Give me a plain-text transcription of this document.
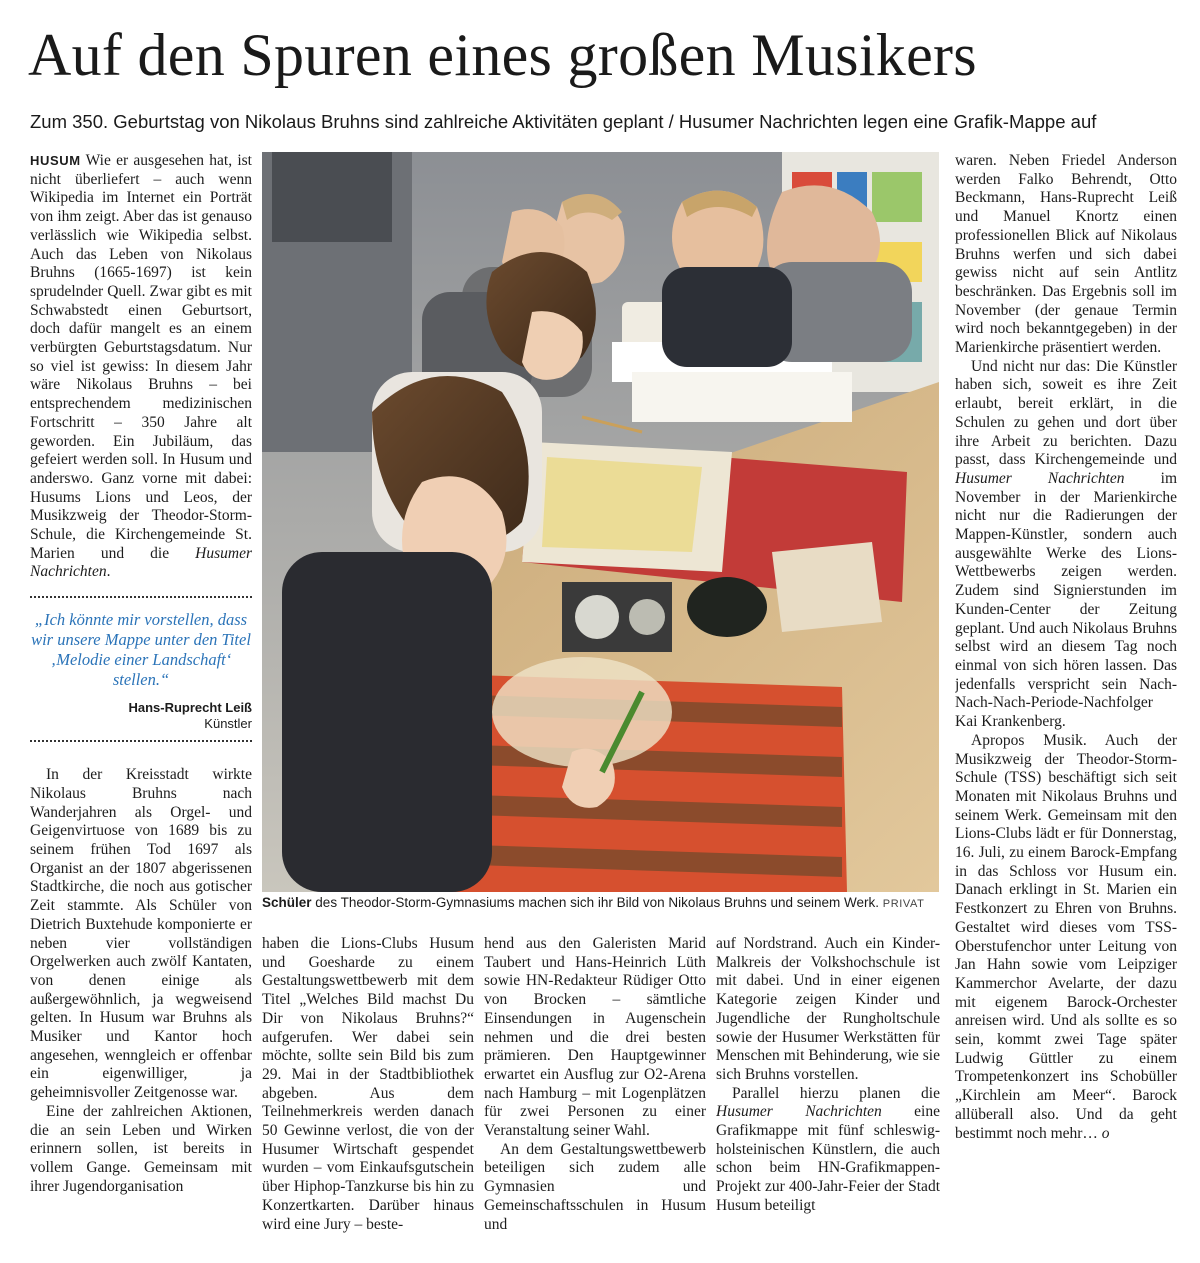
Auf den Spuren eines großen Musikers
Zum 350. Geburtstag von Nikolaus Bruhns sind zahlreiche Aktivitäten geplant / Husumer Nachrichten legen eine Grafik-Mappe auf

HUSUM Wie er ausgesehen hat, ist nicht überliefert – auch wenn Wikipedia im Internet ein Porträt von ihm zeigt. Aber das ist genauso verlässlich wie Wikipedia selbst. Auch das Leben von Nikolaus Bruhns (1665-1697) ist kein sprudelnder Quell. Zwar gibt es mit Schwabstedt einen Geburtsort, doch dafür mangelt es an einem verbürgten Geburtstagsdatum. Nur so viel ist gewiss: In diesem Jahr wäre Nikolaus Bruhns – bei entsprechendem medizinischen Fortschritt – 350 Jahre alt geworden. Ein Jubiläum, das gefeiert werden soll. In Husum und anderswo. Ganz vorne mit dabei: Husums Lions und Leos, der Musikzweig der Theodor-Storm-Schule, die Kirchengemeinde St. Marien und die Husumer Nachrichten.

„Ich könnte mir vorstellen, dass wir unsere Mappe unter den Titel ‚Melodie einer Landschaft‘ stellen.“
Hans-Ruprecht Leiß
Künstler

In der Kreisstadt wirkte Nikolaus Bruhns nach Wanderjahren als Orgel- und Geigenvirtuose von 1689 bis zu seinem frühen Tod 1697 als Organist an der 1807 abgerissenen Stadtkirche, die noch aus gotischer Zeit stammte. Als Schüler von Dietrich Buxtehude komponierte er neben vier vollständigen Orgelwerken auch zwölf Kantaten, von denen einige als außergewöhnlich, ja wegweisend gelten. In Husum war Bruhns als Musiker und Kantor hoch angesehen, wenngleich er offenbar ein eigenwilliger, ja geheimnisvoller Zeitgenosse war.

Eine der zahlreichen Aktionen, die an sein Leben und Wirken erinnern sollen, ist bereits in vollem Gange. Gemeinsam mit ihrer Jugendorganisation

Schüler des Theodor-Storm-Gymnasiums machen sich ihr Bild von Nikolaus Bruhns und seinem Werk. PRIVAT

haben die Lions-Clubs Husum und Goesharde zu einem Gestaltungswettbewerb mit dem Titel „Welches Bild machst Du Dir von Nikolaus Bruhns?“ aufgerufen. Wer dabei sein möchte, sollte sein Bild bis zum 29. Mai in der Stadtbibliothek abgeben. Aus dem Teilnehmerkreis werden danach 50 Gewinne verlost, die von der Husumer Wirtschaft gespendet wurden – vom Einkaufsgutschein über Hiphop-Tanzkurse bis hin zu Konzertkarten. Darüber hinaus wird eine Jury – beste-

hend aus den Galeristen Marid Taubert und Hans-Heinrich Lüth sowie HN-Redakteur Rüdiger Otto von Brocken – sämtliche Einsendungen in Augenschein nehmen und die drei besten prämieren. Den Hauptgewinner erwartet ein Ausflug zur O2-Arena nach Hamburg – mit Logenplätzen für zwei Personen zu einer Veranstaltung seiner Wahl.

An dem Gestaltungswettbewerb beteiligen sich zudem alle Gymnasien und Gemeinschaftsschulen in Husum und

auf Nordstrand. Auch ein Kinder-Malkreis der Volkshochschule ist mit dabei. Und in einer eigenen Kategorie zeigen Kinder und Jugendliche der Rungholtschule sowie der Husumer Werkstätten für Menschen mit Behinderung, wie sie sich Bruhns vorstellen.

Parallel hierzu planen die Husumer Nachrichten eine Grafikmappe mit fünf schleswig-holsteinischen Künstlern, die auch schon beim HN-Grafikmappen-Projekt zur 400-Jahr-Feier der Stadt Husum beteiligt

waren. Neben Friedel Anderson werden Falko Behrendt, Otto Beckmann, Hans-Ruprecht Leiß und Manuel Knortz einen professionellen Blick auf Nikolaus Bruhns werfen und sich dabei gewiss nicht auf sein Antlitz beschränken. Das Ergebnis soll im November (der genaue Termin wird noch bekanntgegeben) in der Marienkirche präsentiert werden.

Und nicht nur das: Die Künstler haben sich, soweit es ihre Zeit erlaubt, bereit erklärt, in die Schulen zu gehen und dort über ihre Arbeit zu berichten. Dazu passt, dass Kirchengemeinde und Husumer Nachrichten im November in der Marienkirche nicht nur die Radierungen der Mappen-Künstler, sondern auch ausgewählte Werke des Lions-Wettbewerbs zeigen werden. Zudem sind Signierstunden im Kunden-Center der Zeitung geplant. Und auch Nikolaus Bruhns selbst wird an diesem Tag noch einmal von sich hören lassen. Das jedenfalls verspricht sein Nach-Nach-Nach-Periode-Nachfolger Kai Krankenberg.

Apropos Musik. Auch der Musikzweig der Theodor-Storm-Schule (TSS) beschäftigt sich seit Monaten mit Nikolaus Bruhns und seinem Werk. Gemeinsam mit den Lions-Clubs lädt er für Donnerstag, 16. Juli, zu einem Barock-Empfang in das Schloss vor Husum ein. Danach erklingt in St. Marien ein Festkonzert zu Ehren von Bruhns. Gestaltet wird dieses vom TSS-Oberstufenchor unter Leitung von Jan Hahn sowie vom Leipziger Kammerchor Avelarte, der dazu mit eigenem Barock-Orchester anreisen wird. Und als sollte es so sein, kommt zwei Tage später Ludwig Güttler zu einem Trompetenkonzert ins Schobüller „Kirchlein am Meer“. Barock allüberall also. Und da geht bestimmt noch mehr… o
